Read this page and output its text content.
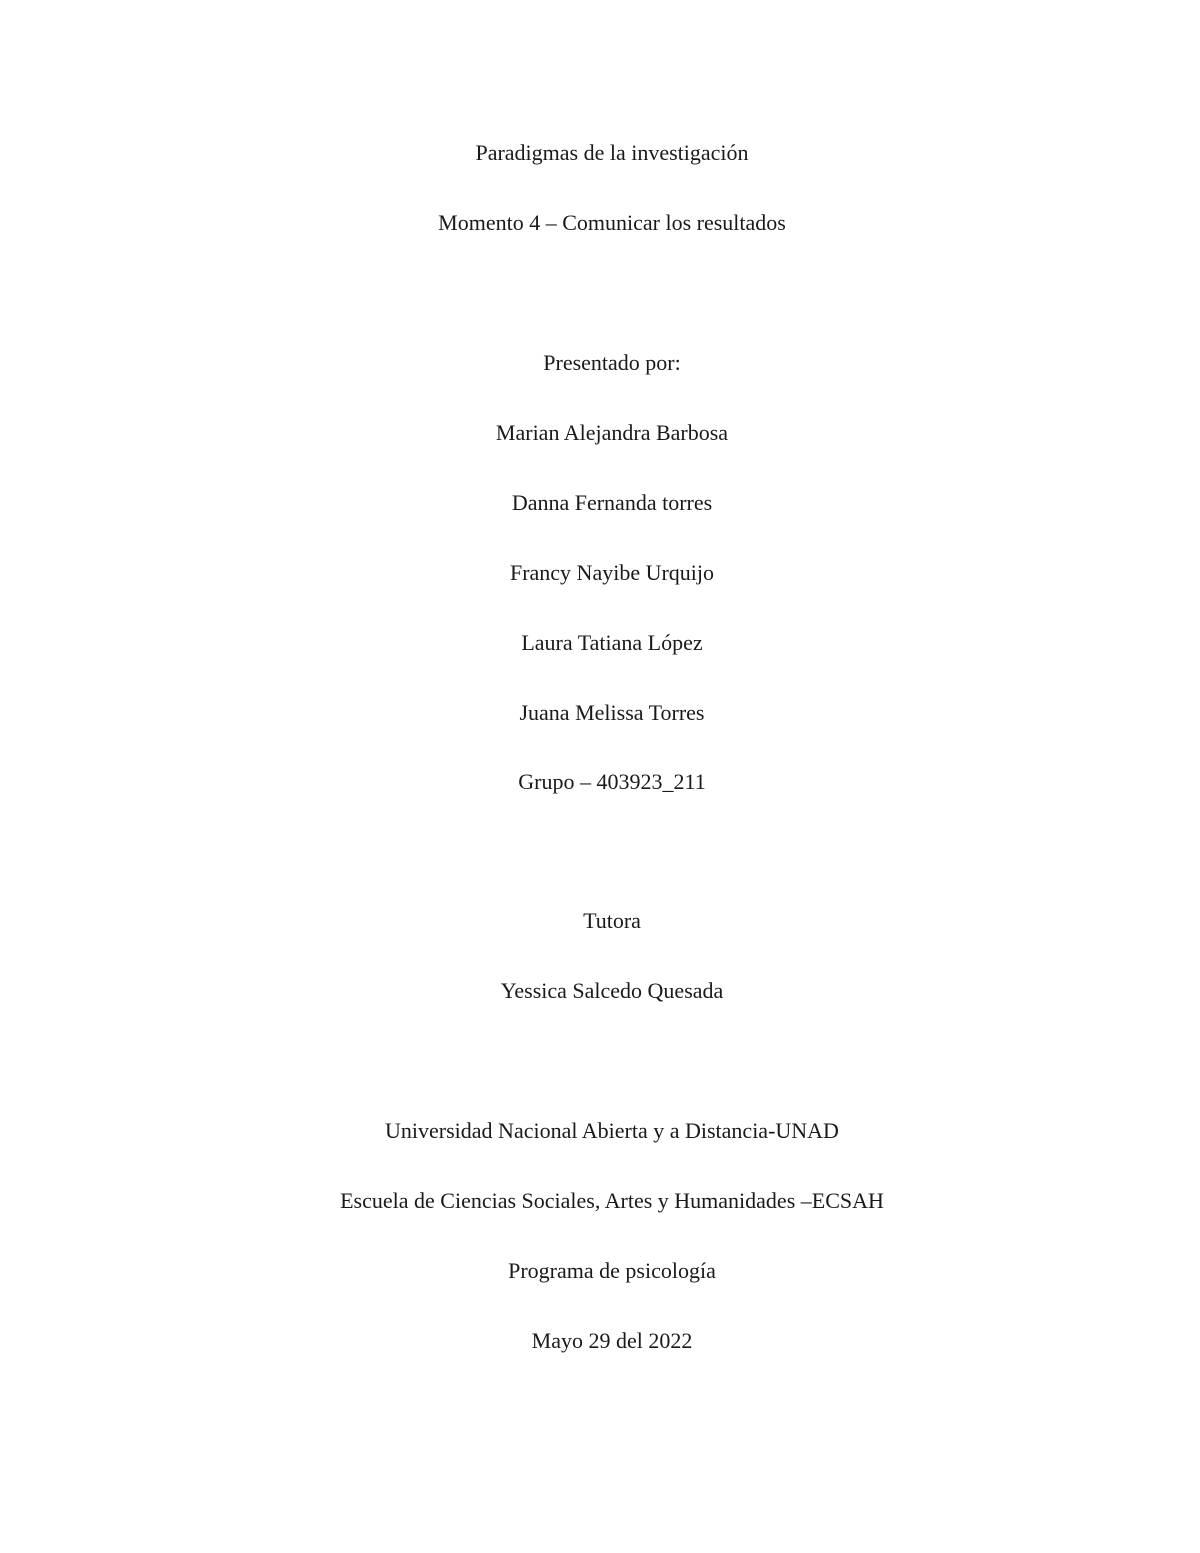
Paradigmas de la investigación
Momento 4 – Comunicar los resultados
Presentado por:
Marian Alejandra Barbosa
Danna Fernanda torres
Francy Nayibe Urquijo
Laura Tatiana López
Juana Melissa Torres
Grupo – 403923_211
Tutora
Yessica Salcedo Quesada
Universidad Nacional Abierta y a Distancia-UNAD
Escuela de Ciencias Sociales, Artes y Humanidades –ECSAH
Programa de psicología
Mayo 29 del 2022
